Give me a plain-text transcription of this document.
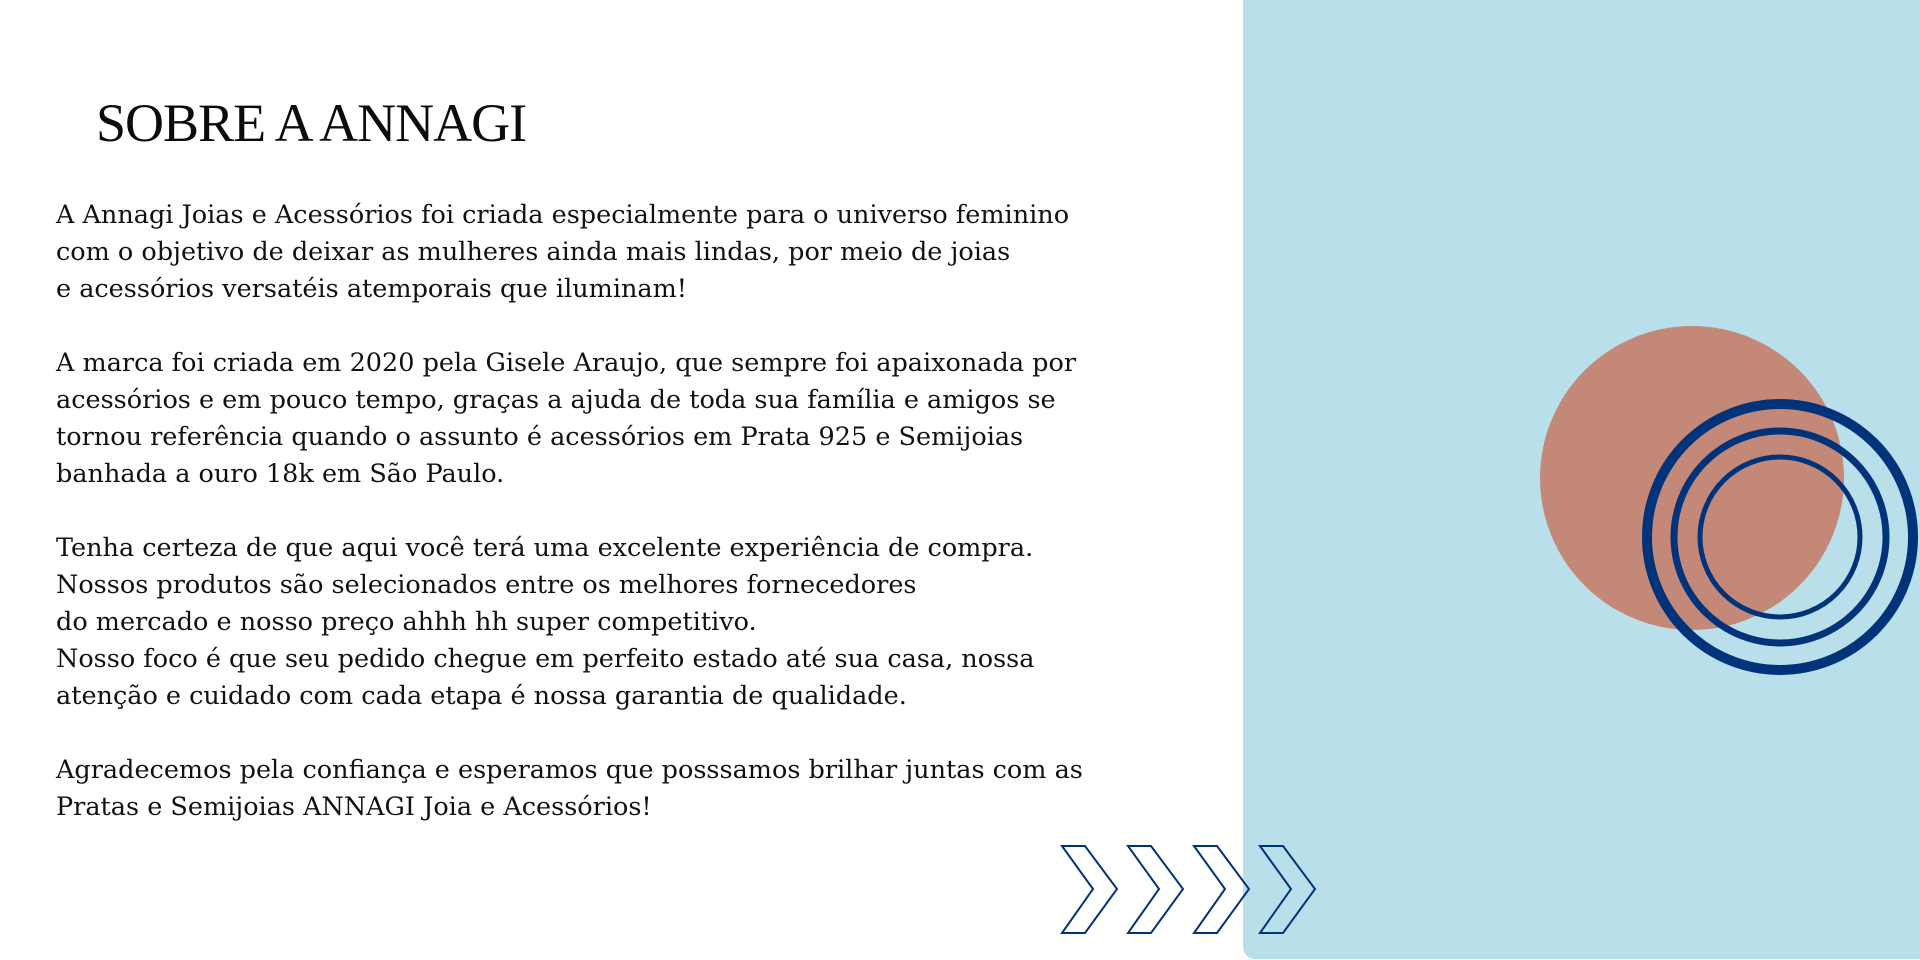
SOBRE A ANNAGI

A Annagi Joias e Acessórios foi criada especialmente para o universo feminino
com o objetivo de deixar as mulheres ainda mais lindas, por meio de joias
e acessórios versatéis atemporais que iluminam!

A marca foi criada em 2020 pela Gisele Araujo, que sempre foi apaixonada por
acessórios e em pouco tempo, graças a ajuda de toda sua família e amigos se
tornou referência quando o assunto é acessórios em Prata 925 e Semijoias
banhada a ouro 18k em São Paulo.

Tenha certeza de que aqui você terá uma excelente experiência de compra.
Nossos produtos são selecionados entre os melhores fornecedores
do mercado e nosso preço ahhh hh super competitivo.
Nosso foco é que seu pedido chegue em perfeito estado até sua casa, nossa
atenção e cuidado com cada etapa é nossa garantia de qualidade.

Agradecemos pela confiança e esperamos que posssamos brilhar juntas com as
Pratas e Semijoias ANNAGI Joia e Acessórios!
